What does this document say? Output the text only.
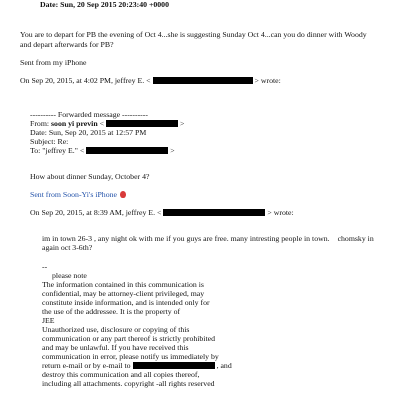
Date: Sun, 20 Sep 2015 20:23:40 +0000
You are to depart for PB the evening of Oct 4...she is suggesting Sunday Oct 4...can you do dinner with Woody
and depart afterwards for PB?
Sent from my iPhone
On Sep 20, 2015, at 4:02 PM, jeffrey E. <	> wrote:
---------- Forwarded message ----------
From: soon yi previn <	>
Date: Sun, Sep 20, 2015 at 12:57 PM
Subject: Re:
To: "jeffrey E." <	>
How about dinner Sunday, October 4?
Sent from Soon-Yi's iPhone
On Sep 20, 2015, at 8:39 AM, jeffrey E. <	> wrote:
im in town 26-3 , any night ok with me if you guys are free. many intresting people in town. chomsky in
again oct 3-6th?
--
please note
The information contained in this communication is
confidential, may be attorney-client privileged, may
constitute inside information, and is intended only for
the use of the addressee. It is the property of
JEE
Unauthorized use, disclosure or copying of this
communication or any part thereof is strictly prohibited
and may be unlawful. If you have received this
communication in error, please notify us immediately by
return e-mail or by e-mail to	, and
destroy this communication and all copies thereof,
including all attachments. copyright -all rights reserved
